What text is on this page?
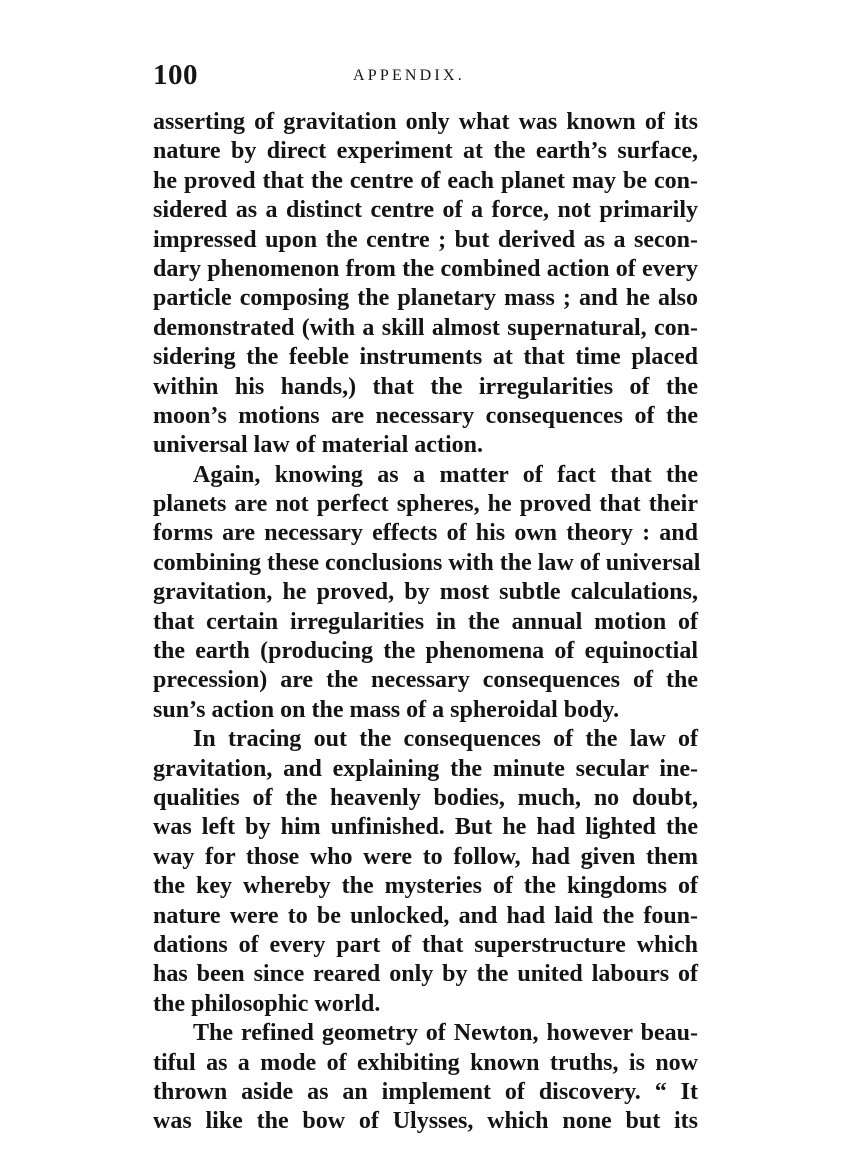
100	APPENDIX.
asserting of gravitation only what was known of its
nature by direct experiment at the earth’s surface,
he proved that the centre of each planet may be con-
sidered as a distinct centre of a force, not primarily
impressed upon the centre ; but derived as a secon-
dary phenomenon from the combined action of every
particle composing the planetary mass ; and he also
demonstrated (with a skill almost supernatural, con-
sidering the feeble instruments at that time placed
within his hands,) that the irregularities of the
moon’s motions are necessary consequences of the
universal law of material action.
Again, knowing as a matter of fact that the
planets are not perfect spheres, he proved that their
forms are necessary effects of his own theory : and
combining these conclusions with the law of universal
gravitation, he proved, by most subtle calculations,
that certain irregularities in the annual motion of
the earth (producing the phenomena of equinoctial
precession) are the necessary consequences of the
sun’s action on the mass of a spheroidal body.
In tracing out the consequences of the law of
gravitation, and explaining the minute secular ine-
qualities of the heavenly bodies, much, no doubt,
was left by him unfinished. But he had lighted the
way for those who were to follow, had given them
the key whereby the mysteries of the kingdoms of
nature were to be unlocked, and had laid the foun-
dations of every part of that superstructure which
has been since reared only by the united labours of
the philosophic world.
The refined geometry of Newton, however beau-
tiful as a mode of exhibiting known truths, is now
thrown aside as an implement of discovery. “ It
was like the bow of Ulysses, which none but its
